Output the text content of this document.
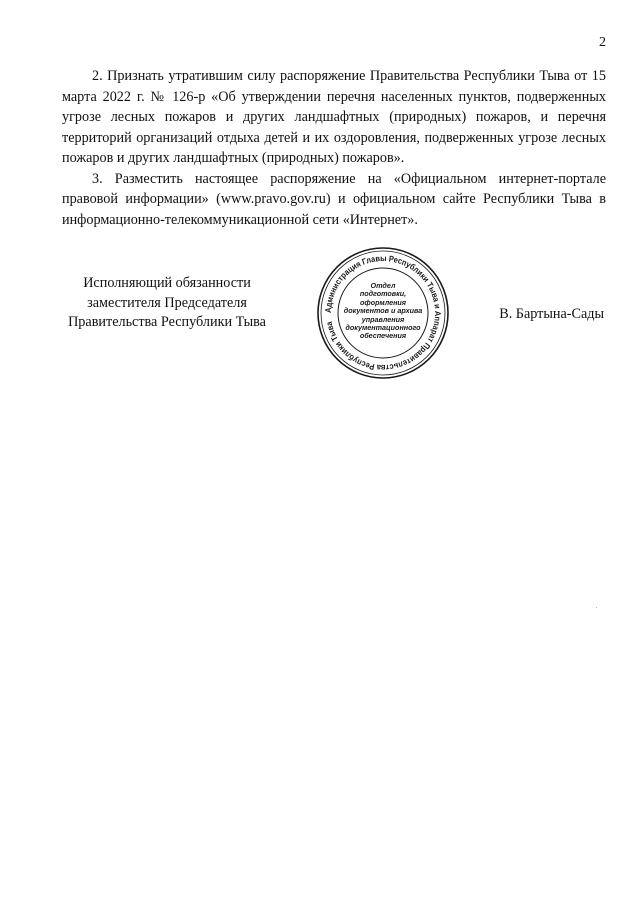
2

2. Признать утратившим силу распоряжение Правительства Республики Тыва от 15 марта 2022 г. № 126-р «Об утверждении перечня населенных пунктов, подверженных угрозе лесных пожаров и других ландшафтных (природных) пожаров, и перечня территорий организаций отдыха детей и их оздоровления, подверженных угрозе лесных пожаров и других ландшафтных (природных) пожаров».

3. Разместить настоящее распоряжение на «Официальном интернет-портале правовой информации» (www.pravo.gov.ru) и официальном сайте Республики Тыва в информационно-телекоммуникационной сети «Интернет».

Исполняющий обязанности
заместителя Председателя
Правительства Республики Тыва
Администрация Главы Республики Тыва и Аппарат Правительства Республики Тыва
Отдел
подготовки,
оформления
документов и архива
управления
документационного
обеспечения
В. Бартына-Сады
